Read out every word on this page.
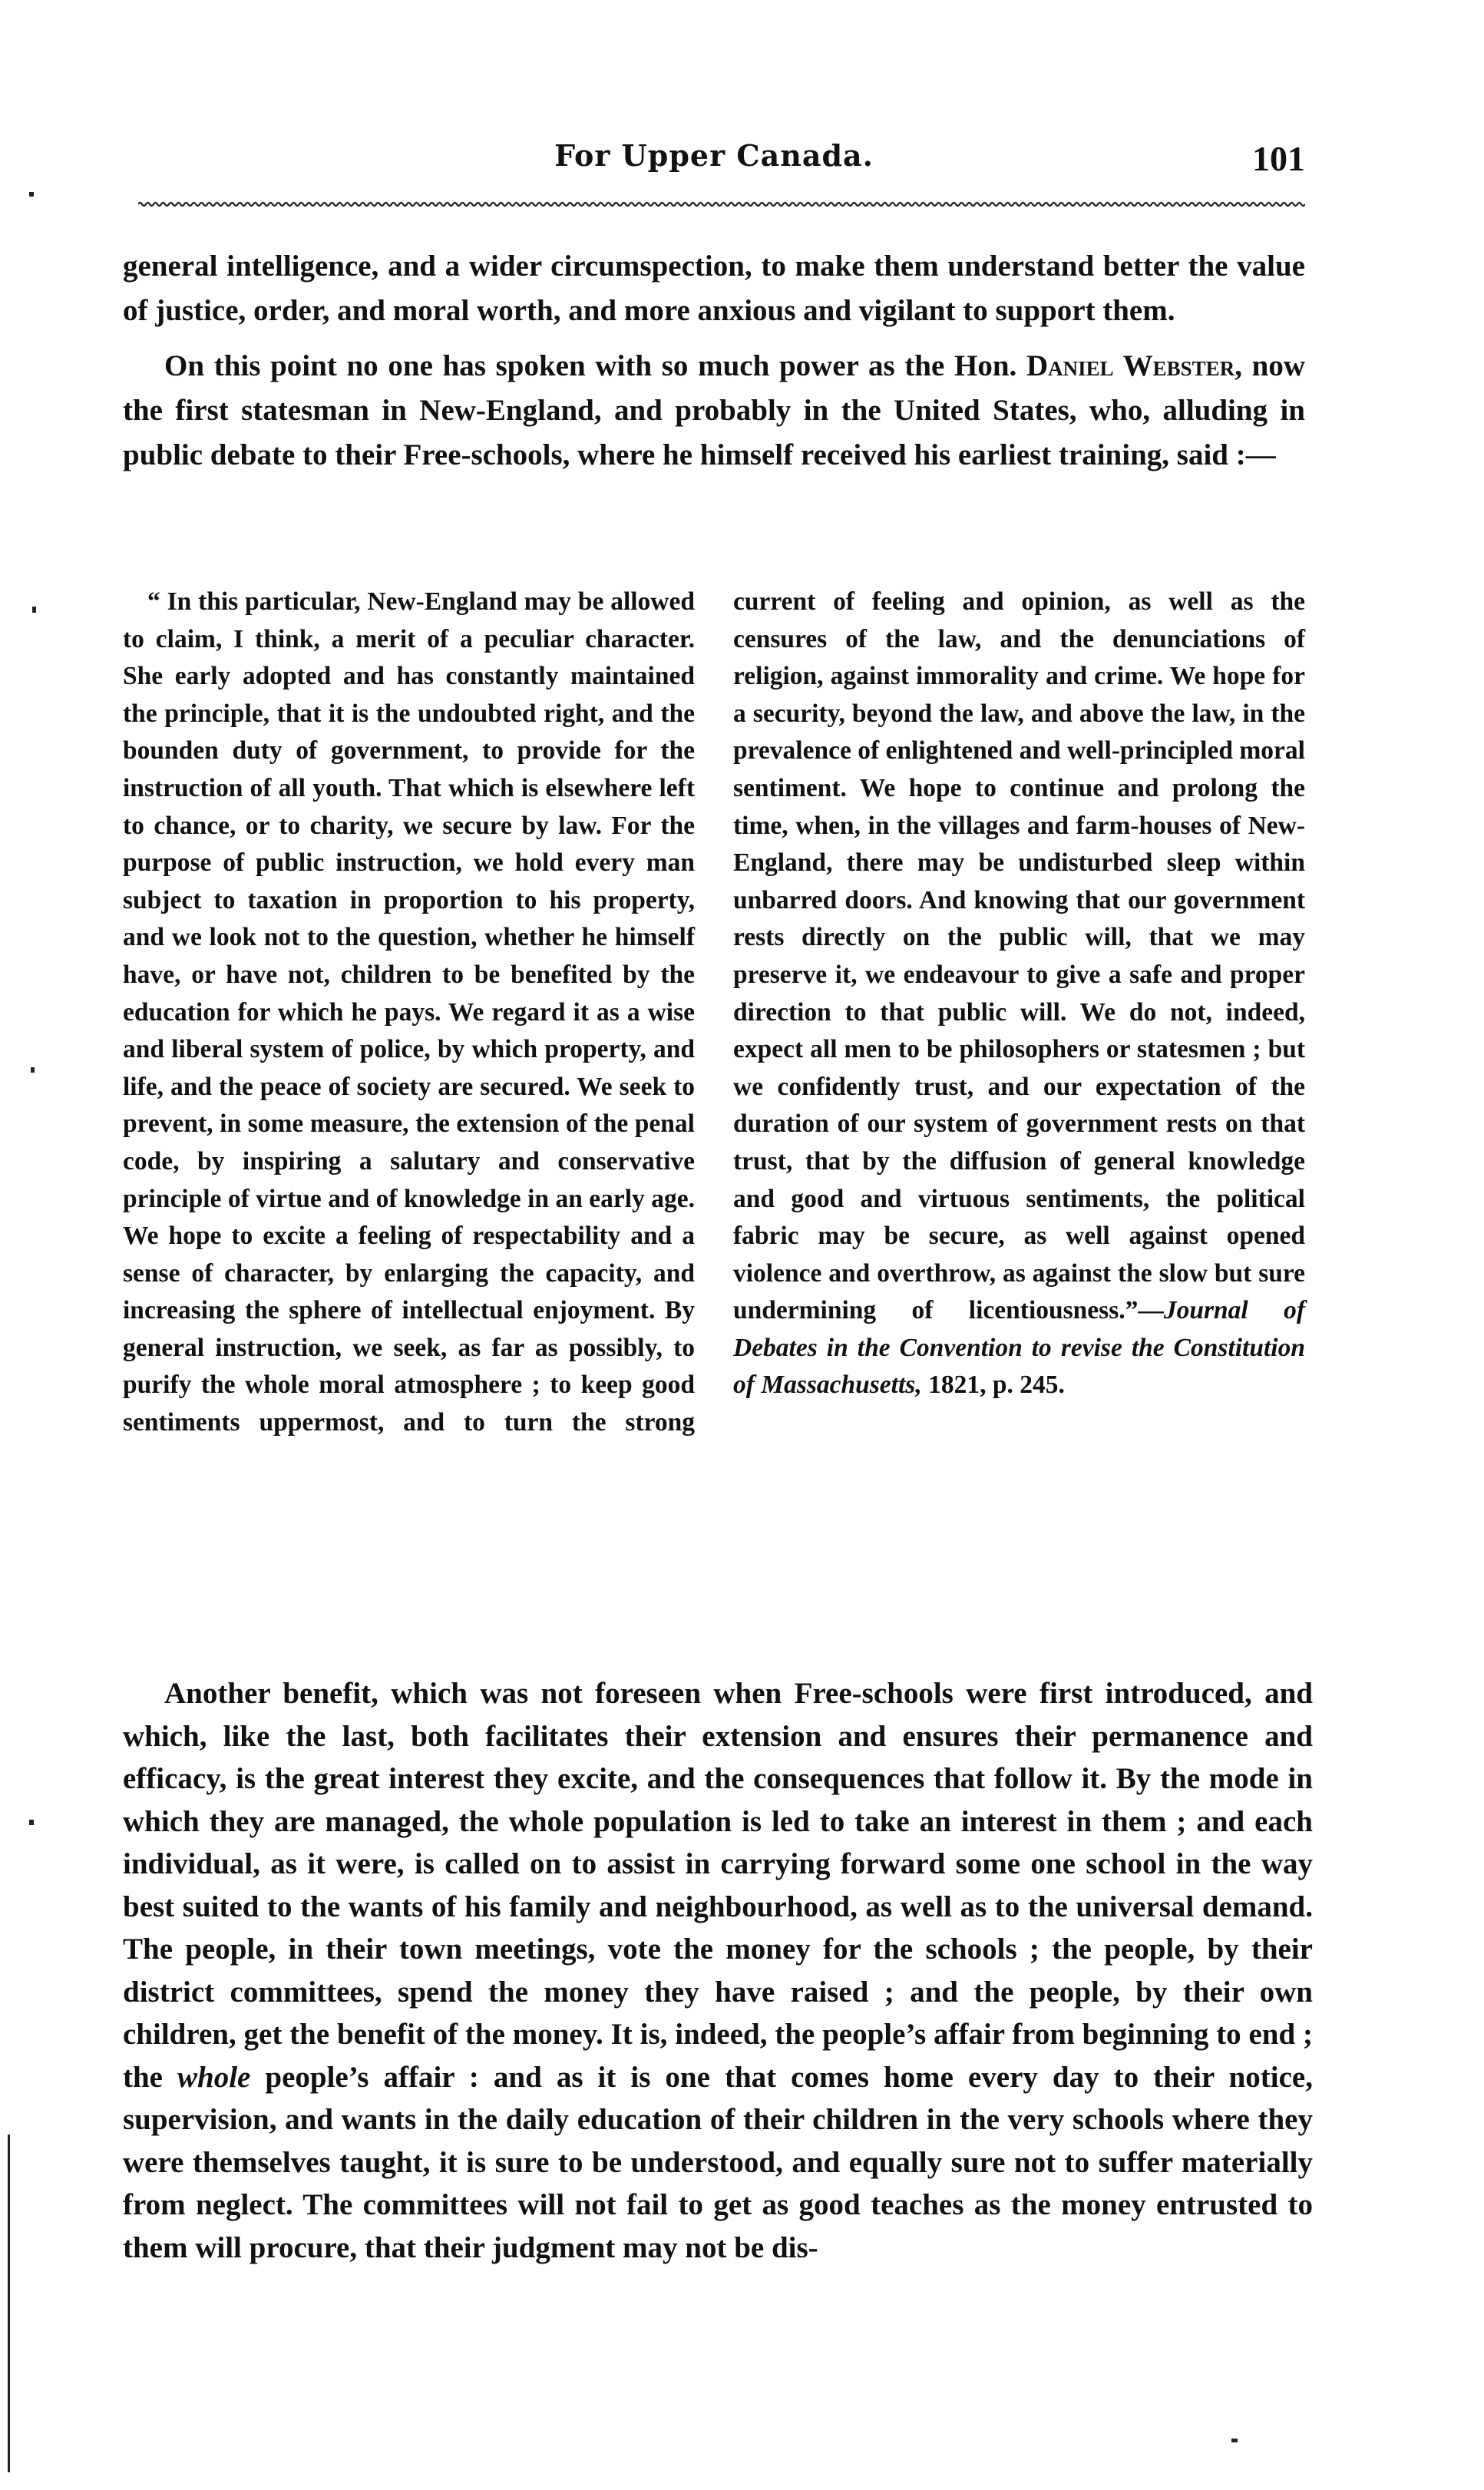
For Upper Canada.	101

general intelligence, and a wider circumspection, to make them understand better the value of justice, order, and moral worth, and more anxious and vigilant to support them.

On this point no one has spoken with so much power as the Hon. Daniel Webster, now the first statesman in New-England, and probably in the United States, who, alluding in public debate to their Free-schools, where he himself received his earliest training, said :—

“ In this particular, New-England may be allowed to claim, I think, a merit of a peculiar character. She early adopted and has constantly maintained the principle, that it is the undoubted right, and the bounden duty of government, to provide for the instruction of all youth. That which is elsewhere left to chance, or to charity, we secure by law. For the purpose of public instruction, we hold every man subject to taxation in proportion to his property, and we look not to the question, whether he himself have, or have not, children to be benefited by the education for which he pays. We regard it as a wise and liberal system of police, by which property, and life, and the peace of society are secured. We seek to prevent, in some measure, the extension of the penal code, by inspiring a salutary and conservative principle of virtue and of knowledge in an early age. We hope to excite a feeling of respectability and a sense of character, by enlarging the capacity, and increasing the sphere of intellectual enjoyment. By general instruction, we seek, as far as possibly, to purify the whole moral atmosphere ; to keep good sentiments uppermost, and to turn the strong current of feeling and opinion, as well as the censures of the law, and the denunciations of religion, against immorality and crime. We hope for a security, beyond the law, and above the law, in the prevalence of enlightened and well-principled moral sentiment. We hope to continue and prolong the time, when, in the villages and farm-houses of New-England, there may be undisturbed sleep within unbarred doors. And knowing that our government rests directly on the public will, that we may preserve it, we endeavour to give a safe and proper direction to that public will. We do not, indeed, expect all men to be philosophers or statesmen ; but we confidently trust, and our expectation of the duration of our system of government rests on that trust, that by the diffusion of general knowledge and good and virtuous sentiments, the political fabric may be secure, as well against opened violence and overthrow, as against the slow but sure undermining of licentiousness.”—Journal of Debates in the Convention to revise the Constitution of Massachusetts, 1821, p. 245.

Another benefit, which was not foreseen when Free-schools were first introduced, and which, like the last, both facilitates their extension and ensures their permanence and efficacy, is the great interest they excite, and the consequences that follow it. By the mode in which they are managed, the whole population is led to take an interest in them ; and each individual, as it were, is called on to assist in carrying forward some one school in the way best suited to the wants of his family and neighbourhood, as well as to the universal demand. The people, in their town meetings, vote the money for the schools ; the people, by their district committees, spend the money they have raised ; and the people, by their own children, get the benefit of the money. It is, indeed, the people’s affair from beginning to end ; the whole people’s affair : and as it is one that comes home every day to their notice, supervision, and wants in the daily education of their children in the very schools where they were themselves taught, it is sure to be understood, and equally sure not to suffer materially from neglect. The committees will not fail to get as good teaches as the money entrusted to them will procure, that their judgment may not be dis-
